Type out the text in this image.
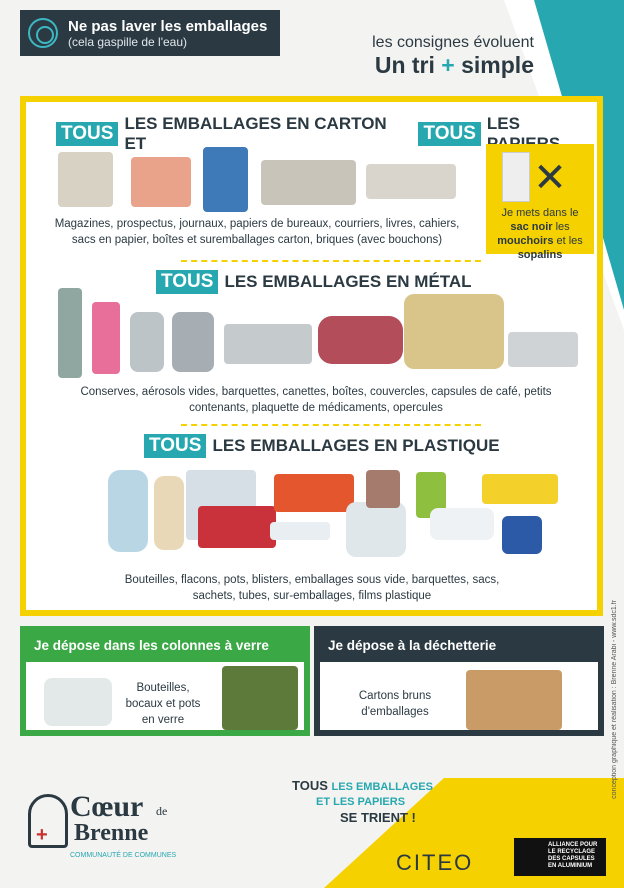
Ne pas laver les emballages
(cela gaspille de l'eau)	les consignes évoluent
Un tri + simple
TOUS LES EMBALLAGES EN CARTON ET	TOUS LES
Magazines, prospectus, journaux, papiers de bureaux, courriers, livres, cahiers, sacs en papier, boîtes et suremballages carton, briques (avec bouchons)
✕
Je mets dans le sac noir les mouchoirs et les sopalins
TOUS LES EMBALLAGES EN MÉTAL
Conserves, aérosols vides, barquettes, canettes, boîtes, couvercles, capsules de café, petits contenants, plaquette de médicaments, opercules
TOUS LES EMBALLAGES EN PLASTIQUE
Bouteilles, flacons, pots, blisters, emballages sous vide, barquettes, sacs, sachets, tubes, sur-emballages, films plastique
Je dépose dans les colonnes à verre
Bouteilles, bocaux et pots en verre
Je dépose à la déchetterie
Cartons bruns d'emballages
+
Cœur de
Brenne
COMMUNAUTÉ DE COMMUNES
TOUS LES EMBALLAGES
ET LES PAPIERS
SE TRIENT !
CITEO
ALLIANCE POUR LE RECYCLAGE DES CAPSULES EN ALUMINIUM
conception graphique et réalisation : Brenne Arabi - www.sdc1.fr
